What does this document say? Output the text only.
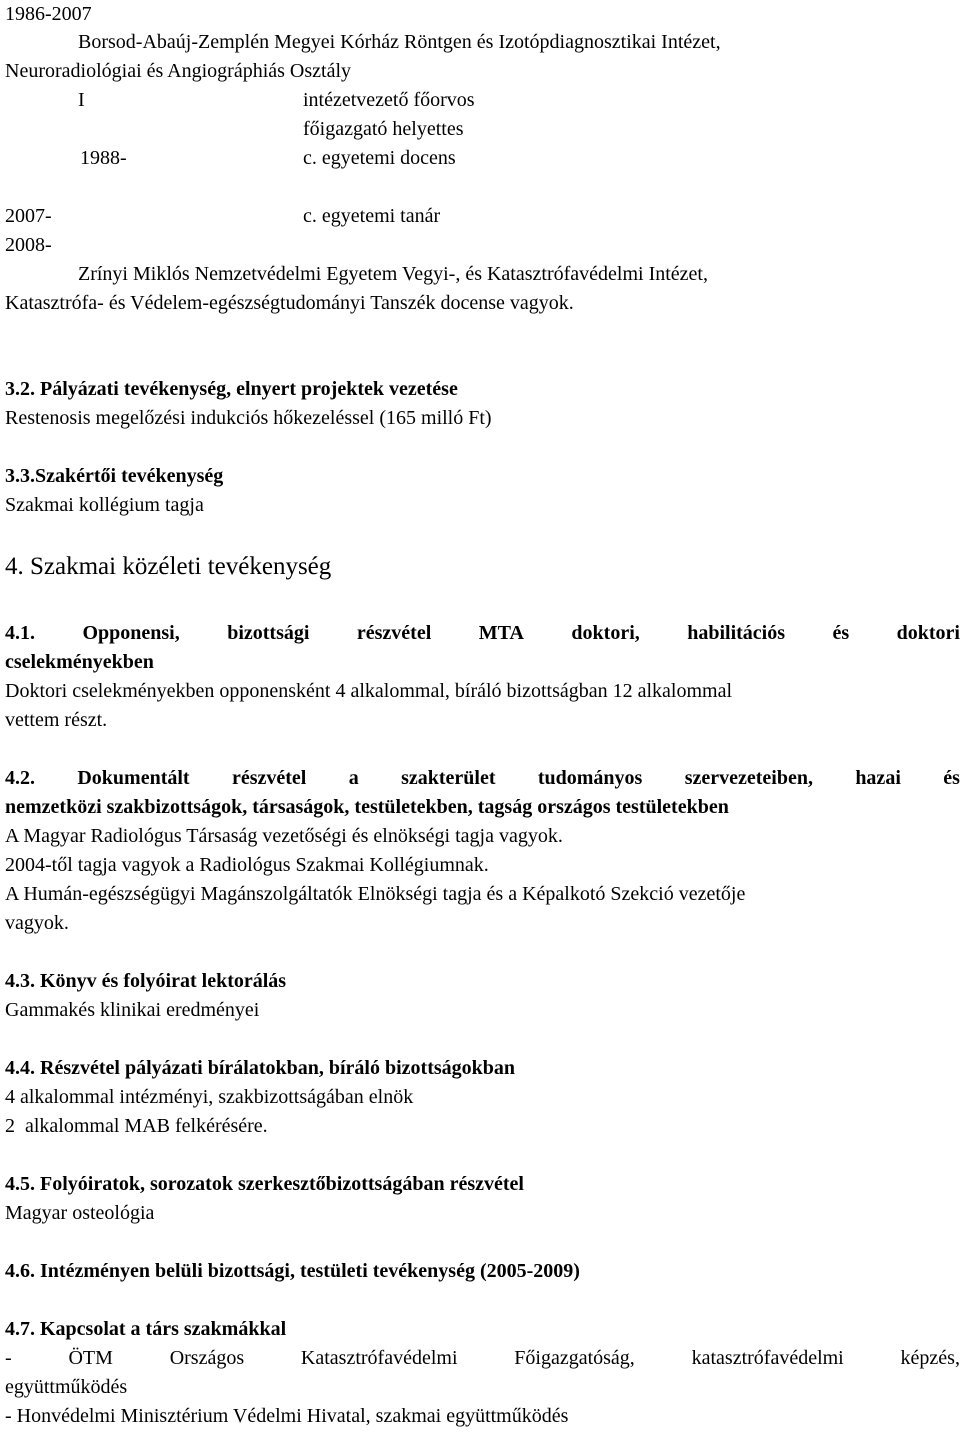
1986-2007
Borsod-Abaúj-Zemplén Megyei Kórház Röntgen és Izotópdiagnosztikai Intézet,
Neuroradiológiai és Angiográphiás Osztály
I	intézetvezető főorvos
főigazgató helyettes
1988-	c. egyetemi docens
2007-	c. egyetemi tanár
2008-
Zrínyi Miklós Nemzetvédelmi Egyetem Vegyi-, és Katasztrófavédelmi Intézet,
Katasztrófa- és Védelem-egészségtudományi Tanszék docense vagyok.
3.2. Pályázati tevékenység, elnyert projektek vezetése
Restenosis megelőzési indukciós hőkezeléssel (165 milló Ft)
3.3.Szakértői tevékenység
Szakmai kollégium tagja
4. Szakmai közéleti tevékenység
4.1. Opponensi, bizottsági részvétel MTA doktori, habilitációs és doktori
cselekményekben
Doktori cselekményekben opponensként 4 alkalommal, bíráló bizottságban 12 alkalommal
vettem részt.
4.2. Dokumentált részvétel a szakterület tudományos szervezeteiben, hazai és
nemzetközi szakbizottságok, társaságok, testületekben, tagság országos testületekben
A Magyar Radiológus Társaság vezetőségi és elnökségi tagja vagyok.
2004-től tagja vagyok a Radiológus Szakmai Kollégiumnak.
A Humán-egészségügyi Magánszolgáltatók Elnökségi tagja és a Képalkotó Szekció vezetője
vagyok.
4.3. Könyv és folyóirat lektorálás
Gammakés klinikai eredményei
4.4. Részvétel pályázati bírálatokban, bíráló bizottságokban
4 alkalommal intézményi, szakbizottságában elnök
2  alkalommal MAB felkérésére.
4.5. Folyóiratok, sorozatok szerkesztőbizottságában részvétel
Magyar osteológia
4.6. Intézményen belüli bizottsági, testületi tevékenység (2005-2009)
4.7. Kapcsolat a társ szakmákkal
-	ÖTM	Országos	Katasztrófavédelmi	Főigazgatóság,	katasztrófavédelmi	képzés,
együttműködés
- Honvédelmi Minisztérium Védelmi Hivatal, szakmai együttműködés
